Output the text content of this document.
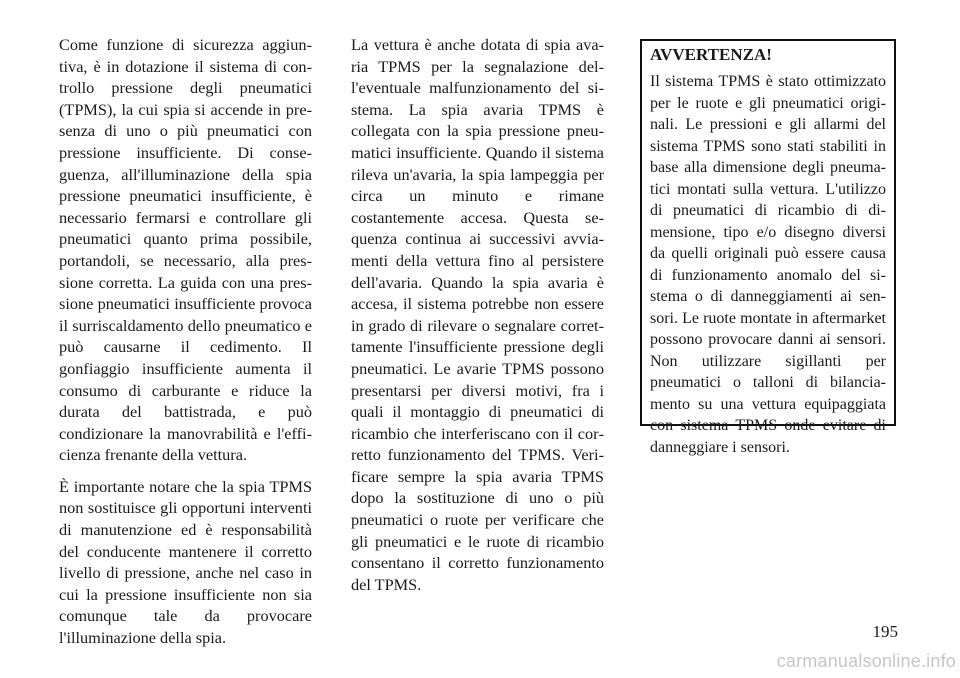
Come funzione di sicurezza aggiuntiva, è in dotazione il sistema di controllo pressione degli pneumatici (TPMS), la cui spia si accende in presenza di uno o più pneumatici con pressione insufficiente. Di conseguenza, all'illuminazione della spia pressione pneumatici insufficiente, è necessario fermarsi e controllare gli pneumatici quanto prima possibile, portandoli, se necessario, alla pressione corretta. La guida con una pressione pneumatici insufficiente provoca il surriscaldamento dello pneumatico e può causarne il cedimento. Il gonfiaggio insufficiente aumenta il consumo di carburante e riduce la durata del battistrada, e può condizionare la manovrabilità e l'efficienza frenante della vettura.

È importante notare che la spia TPMS non sostituisce gli opportuni interventi di manutenzione ed è responsabilità del conducente mantenere il corretto livello di pressione, anche nel caso in cui la pressione insufficiente non sia comunque tale da provocare l'illuminazione della spia.

La vettura è anche dotata di spia avaria TPMS per la segnalazione dell'eventuale malfunzionamento del sistema. La spia avaria TPMS è collegata con la spia pressione pneumatici insufficiente. Quando il sistema rileva un'avaria, la spia lampeggia per circa un minuto e rimane costantemente accesa. Questa sequenza continua ai successivi avviamenti della vettura fino al persistere dell'avaria. Quando la spia avaria è accesa, il sistema potrebbe non essere in grado di rilevare o segnalare correttamente l'insufficiente pressione degli pneumatici. Le avarie TPMS possono presentarsi per diversi motivi, fra i quali il montaggio di pneumatici di ricambio che interferiscano con il corretto funzionamento del TPMS. Verificare sempre la spia avaria TPMS dopo la sostituzione di uno o più pneumatici o ruote per verificare che gli pneumatici e le ruote di ricambio consentano il corretto funzionamento del TPMS.

AVVERTENZA!

Il sistema TPMS è stato ottimizzato per le ruote e gli pneumatici originali. Le pressioni e gli allarmi del sistema TPMS sono stati stabiliti in base alla dimensione degli pneumatici montati sulla vettura. L'utilizzo di pneumatici di ricambio di dimensione, tipo e/o disegno diversi da quelli originali può essere causa di funzionamento anomalo del sistema o di danneggiamenti ai sensori. Le ruote montate in aftermarket possono provocare danni ai sensori. Non utilizzare sigillanti per pneumatici o talloni di bilanciamento su una vettura equipaggiata con sistema TPMS onde evitare di danneggiare i sensori.

195
carmanualsonline.info
